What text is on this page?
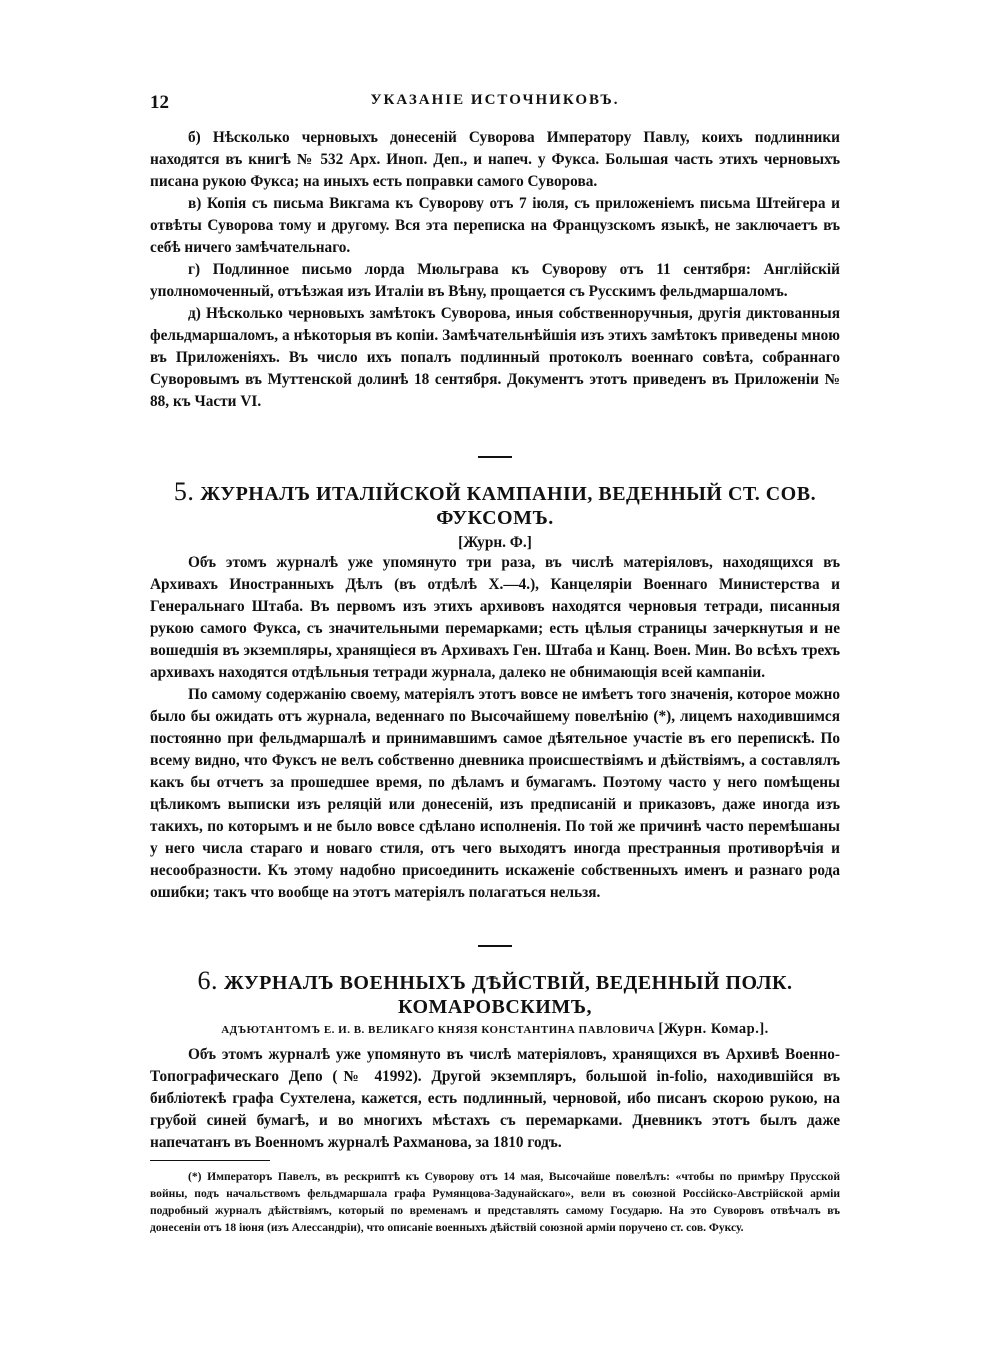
12	УКАЗАНІЕ ИСТОЧНИКОВЪ.

б) Нѣсколько черновыхъ донесеній Суворова Императору Павлу, коихъ подлинники находятся въ книгѣ № 532 Арх. Иноп. Деп., и напеч. у Фукса. Большая часть этихъ черновыхъ писана рукою Фукса; на иныхъ есть поправки самого Суворова.

в) Копія съ письма Викгама къ Суворову отъ 7 іюля, съ приложеніемъ письма Штейгера и отвѣты Суворова тому и другому. Вся эта переписка на Французскомъ языкѣ, не заключаетъ въ себѣ ничего замѣчательнаго.

г) Подлинное письмо лорда Мюльграва къ Суворову отъ 11 сентября: Англійскій уполномоченный, отъѣзжая изъ Италіи въ Вѣну, прощается съ Русскимъ фельдмаршаломъ.

д) Нѣсколько черновыхъ замѣтокъ Суворова, иныя собственноручныя, другія диктованныя фельдмаршаломъ, а нѣкоторыя въ копіи. Замѣчательнѣйшія изъ этихъ замѣтокъ приведены мною въ Приложеніяхъ. Въ число ихъ попалъ подлинный протоколъ военнаго совѣта, собраннаго Суворовымъ въ Муттенской долинѣ 18 сентября. Документъ этотъ приведенъ въ Приложеніи № 88, къ Части VI.

5. ЖУРНАЛЪ ИТАЛІЙСКОЙ КАМПАНІИ, ВЕДЕННЫЙ СТ. СОВ. ФУКСОМЪ.
[Журн. Ф.]

Объ этомъ журналѣ уже упомянуто три раза, въ числѣ матеріяловъ, находящихся въ Архивахъ Иностранныхъ Дѣлъ (въ отдѣлѣ X.—4.), Канцеляріи Военнаго Министерства и Генеральнаго Штаба. Въ первомъ изъ этихъ архивовъ находятся черновыя тетради, писанныя рукою самого Фукса, съ значительными перемарками; есть цѣлыя страницы зачеркнутыя и не вошедшія въ экземпляры, хранящіеся въ Архивахъ Ген. Штаба и Канц. Воен. Мин. Во всѣхъ трехъ архивахъ находятся отдѣльныя тетради журнала, далеко не обнимающія всей кампаніи.

По самому содержанію своему, матеріялъ этотъ вовсе не имѣетъ того значенія, которое можно было бы ожидать отъ журнала, веденнаго по Высочайшему повелѣнію (*), лицемъ находившимся постоянно при фельдмаршалѣ и принимавшимъ самое дѣятельное участіе въ его перепискѣ. По всему видно, что Фуксъ не велъ собственно дневника происшествіямъ и дѣйствіямъ, а составлялъ какъ бы отчетъ за прошедшее время, по дѣламъ и бумагамъ. Поэтому часто у него помѣщены цѣликомъ выписки изъ реляцій или донесеній, изъ предписаній и приказовъ, даже иногда изъ такихъ, по которымъ и не было вовсе сдѣлано исполненія. По той же причинѣ часто перемѣшаны у него числа стараго и новаго стиля, отъ чего выходятъ иногда престранныя противорѣчія и несообразности. Къ этому надобно присоединить искаженіе собственныхъ именъ и разнаго рода ошибки; такъ что вообще на этотъ матеріялъ полагаться нельзя.

6. ЖУРНАЛЪ ВОЕННЫХЪ ДѢЙСТВІЙ, ВЕДЕННЫЙ ПОЛК. КОМАРОВСКИМЪ,
АДЪЮТАНТОМЪ Е. И. В. ВЕЛИКАГО КНЯЗЯ КОНСТАНТИНА ПАВЛОВИЧА [Журн. Комар.].

Объ этомъ журналѣ уже упомянуто въ числѣ матеріяловъ, хранящихся въ Архивѣ Военно-Топографическаго Депо (№ 41992). Другой экземпляръ, большой in-folio, находившійся въ библіотекѣ графа Сухтелена, кажется, есть подлинный, черновой, ибо писанъ скорою рукою, на грубой синей бумагѣ, и во многихъ мѣстахъ съ перемарками. Дневникъ этотъ былъ даже напечатанъ въ Военномъ журналѣ Рахманова, за 1810 годъ.

(*) Императоръ Павелъ, въ рескриптѣ къ Суворову отъ 14 мая, Высочайше повелѣлъ: «чтобы по примѣру Прусской войны, подъ начальствомъ фельдмаршала графа Румянцова-Задунайскаго», вели въ союзной Россійско-Австрійской арміи подробный журналъ дѣйствіямъ, который по временамъ и представлять самому Государю. На это Суворовъ отвѣчалъ въ донесеніи отъ 18 іюня (изъ Алессандріи), что описаніе военныхъ дѣйствій союзной арміи поручено ст. сов. Фуксу.
